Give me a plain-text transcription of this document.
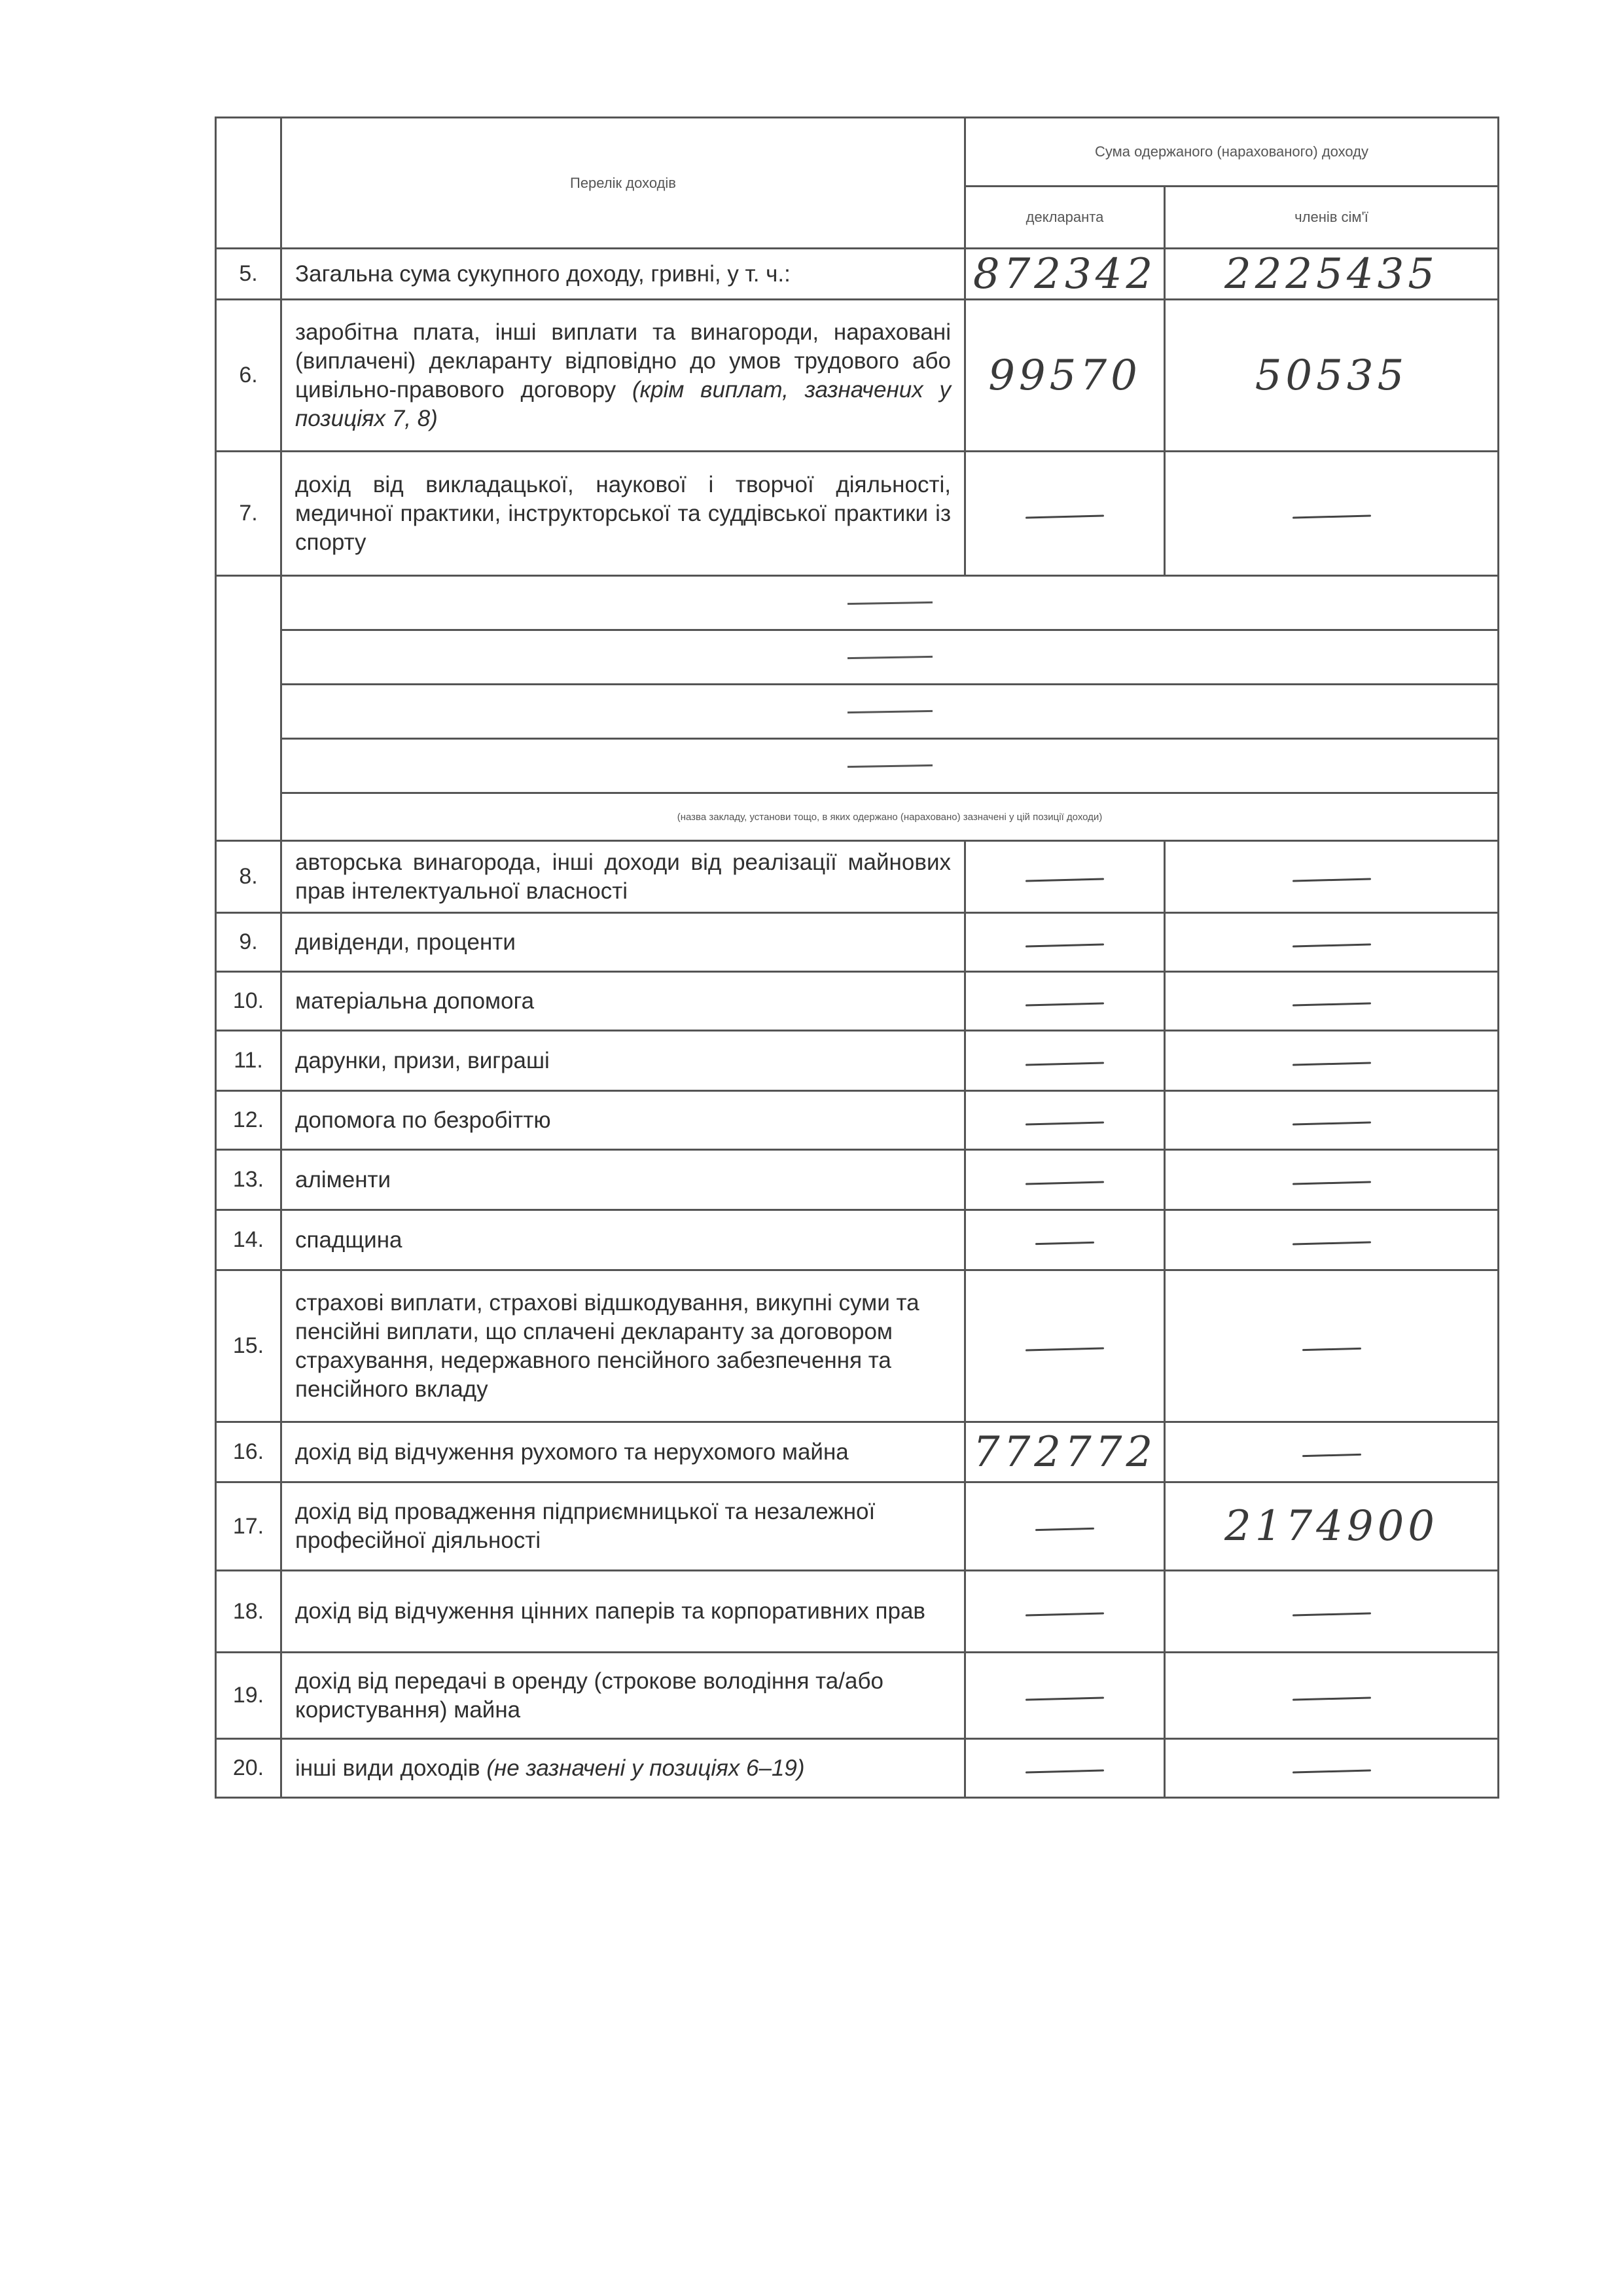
	Перелік доходів	Сума одержаного (нарахованого) доходу	
		декларанта	членів сім'ї
5.	Загальна сума сукупного доходу, гривні, у т. ч.:	872342	2225435
6.	заробітна плата, інші виплати та винагороди, нараховані (виплачені) декларанту відповідно до умов трудового або цивільно-правового договору (крім виплат, зазначених у позиціях 7, 8)	99570	50535
7.	дохід від викладацької, наукової і творчої діяльності, медичної практики, інструкторської та суддівської практики із спорту		

	(назва закладу, установи тощо, в яких одержано (нараховано) зазначені у цій позиції доходи)		
8.	авторська винагорода, інші доходи від реалізації майнових прав інтелектуальної власності		
9.	дивіденди, проценти		
10.	матеріальна допомога		
11.	дарунки, призи, виграші		
12.	допомога по безробіттю		
13.	аліменти		
14.	спадщина		
15.	страхові виплати, страхові відшкодування, викупні суми та пенсійні виплати, що сплачені декларанту за договором страхування, недержавного пенсійного забезпечення та пенсійного вкладу		
16.	дохід від відчуження рухомого та нерухомого майна	772772	
17.	дохід від провадження підприємницької та незалежної професійної діяльності		2174900
18.	дохід від відчуження цінних паперів та корпоративних прав		
19.	дохід від передачі в оренду (строкове володіння та/або користування) майна		
20.	інші види доходів (не зазначені у позиціях 6–19)		
